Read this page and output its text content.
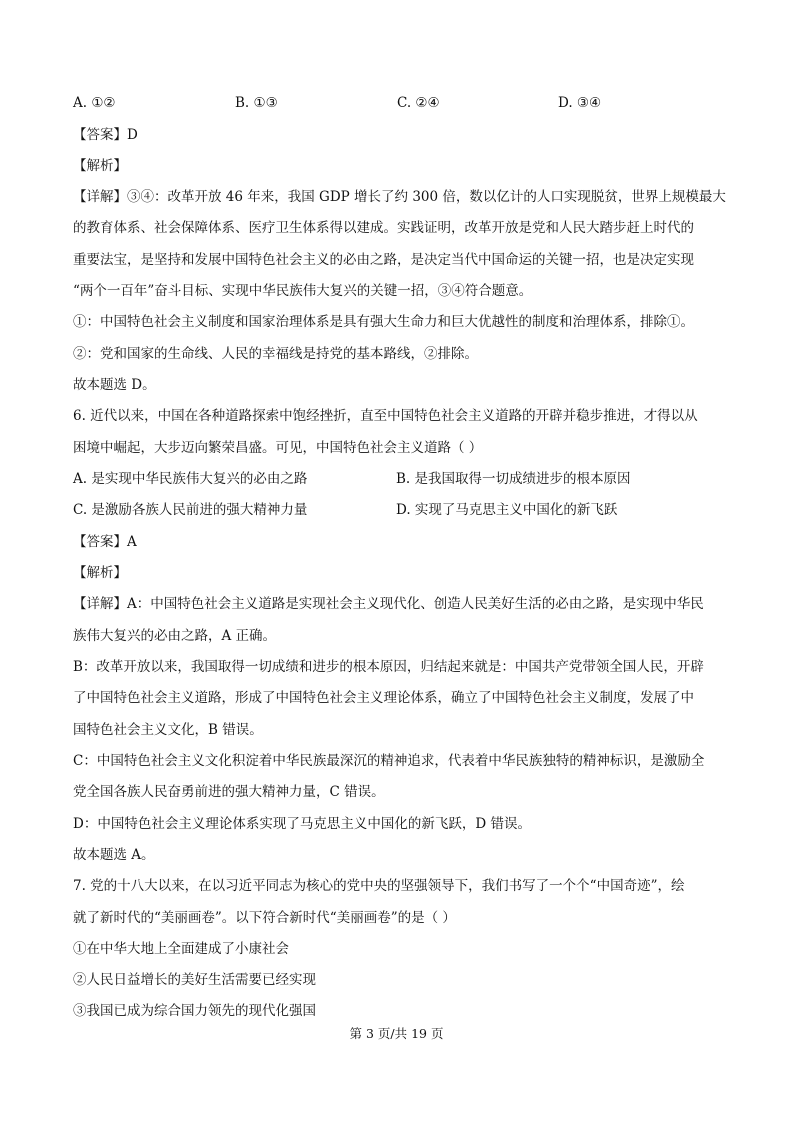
A. ①②	B. ①③	C. ②④	D. ③④
【答案】D
【解析】
【详解】③④：改革开放 46 年来，我国 GDP 增长了约 300 倍，数以亿计的人口实现脱贫，世界上规模最大
的教育体系、社会保障体系、医疗卫生体系得以建成。实践证明，改革开放是党和人民大踏步赶上时代的
重要法宝，是坚持和发展中国特色社会主义的必由之路，是决定当代中国命运的关键一招，也是决定实现
“两个一百年”奋斗目标、实现中华民族伟大复兴的关键一招，③④符合题意。
①：中国特色社会主义制度和国家治理体系是具有强大生命力和巨大优越性的制度和治理体系，排除①。
②：党和国家的生命线、人民的幸福线是持党的基本路线，②排除。
故本题选 D。
6. 近代以来，中国在各种道路探索中饱经挫折，直至中国特色社会主义道路的开辟并稳步推进，才得以从
困境中崛起，大步迈向繁荣昌盛。可见，中国特色社会主义道路（ ）
A. 是实现中华民族伟大复兴的必由之路	B. 是我国取得一切成绩进步的根本原因
C. 是激励各族人民前进的强大精神力量	D. 实现了马克思主义中国化的新飞跃
【答案】A
【解析】
【详解】A：中国特色社会主义道路是实现社会主义现代化、创造人民美好生活的必由之路，是实现中华民
族伟大复兴的必由之路，A 正确。
B：改革开放以来，我国取得一切成绩和进步的根本原因，归结起来就是：中国共产党带领全国人民，开辟
了中国特色社会主义道路，形成了中国特色社会主义理论体系，确立了中国特色社会主义制度，发展了中
国特色社会主义文化，B 错误。
C：中国特色社会主义文化积淀着中华民族最深沉的精神追求，代表着中华民族独特的精神标识，是激励全
党全国各族人民奋勇前进的强大精神力量，C 错误。
D：中国特色社会主义理论体系实现了马克思主义中国化的新飞跃，D 错误。
故本题选 A。
7. 党的十八大以来，在以习近平同志为核心的党中央的坚强领导下，我们书写了一个个“中国奇迹”，绘
就了新时代的“美丽画卷”。以下符合新时代“美丽画卷”的是（ ）
①在中华大地上全面建成了小康社会
②人民日益增长的美好生活需要已经实现
③我国已成为综合国力领先的现代化强国
第 3 页/共 19 页
